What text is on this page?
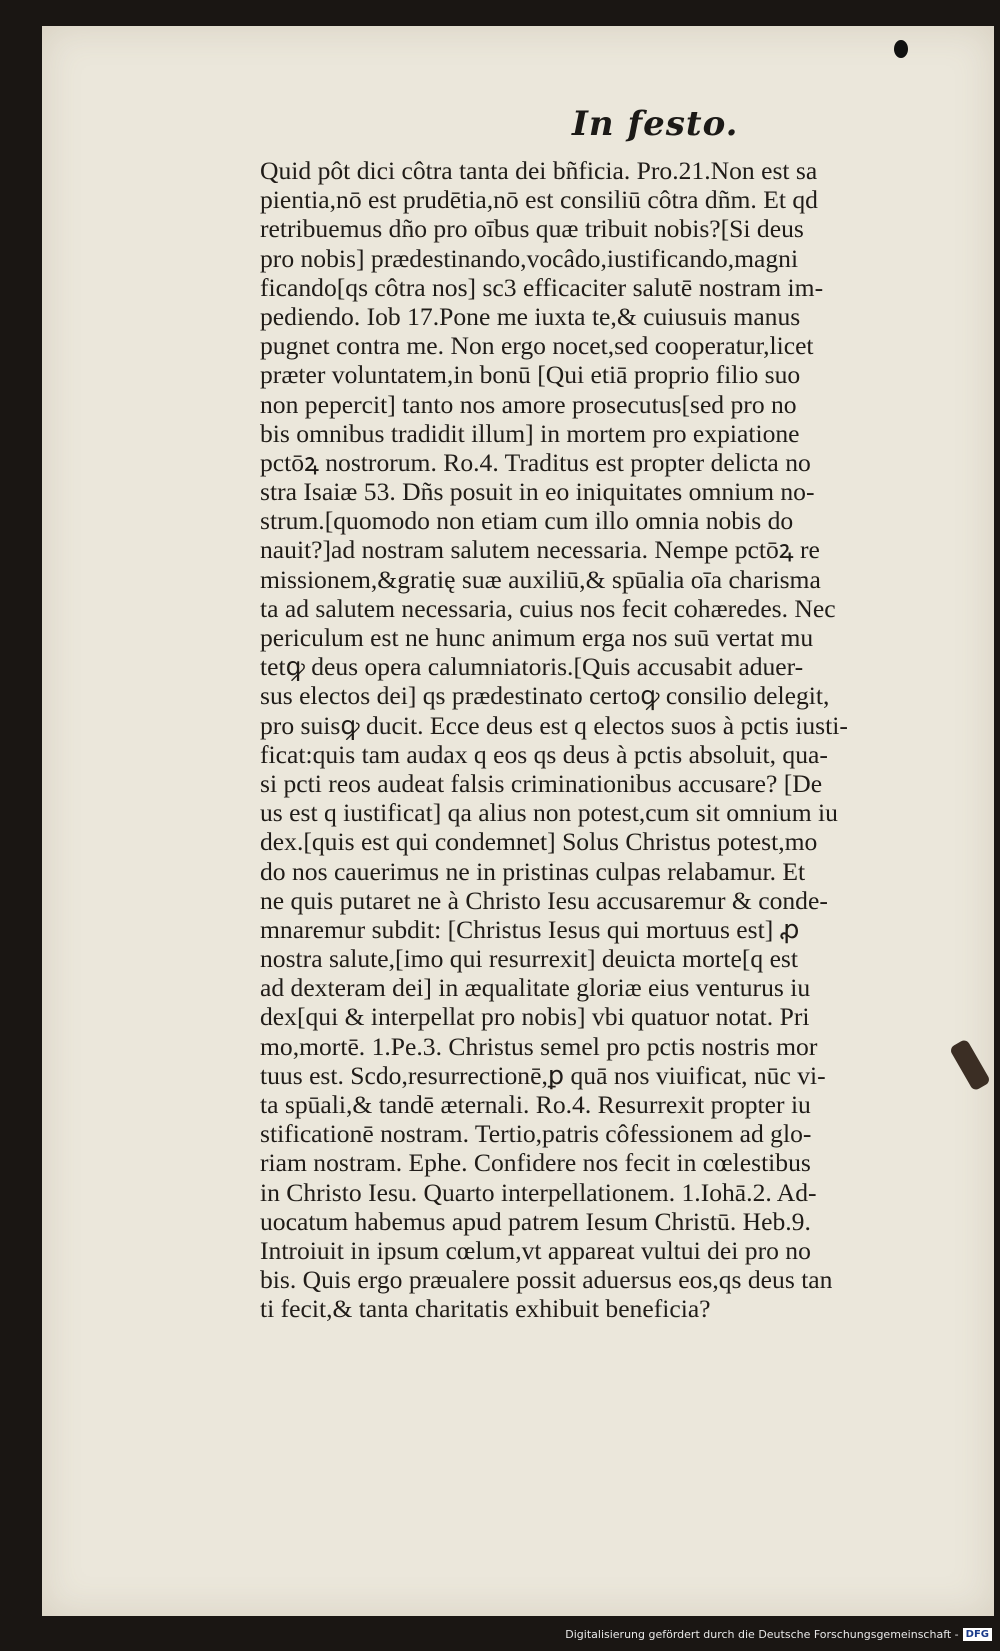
In festo.
Quid pôt dici côtra tanta dei bñficia. Pro.21.Non est sa
pientia,nō est prudētia,nō est consiliū côtra dñm. Et qd
retribuemus dño pro oībus quæ tribuit nobis?[Si deus
pro nobis] prædestinando,vocâdo,iustificando,magni
ficando[qs côtra nos] sc3 efficaciter salutē nostram im-
pediendo. Iob 17.Pone me iuxta te,& cuiusuis manus
pugnet contra me. Non ergo nocet,sed cooperatur,licet
præter voluntatem,in bonū [Qui etiā proprio filio suo
non pepercit] tanto nos amore prosecutus[sed pro no
bis omnibus tradidit illum] in mortem pro expiatione
pctōꝝ nostrorum. Ro.4. Traditus est propter delicta no
stra Isaiæ 53. Dñs posuit in eo iniquitates omnium no-
strum.[quomodo non etiam cum illo omnia nobis do
nauit?]ad nostram salutem necessaria. Nempe pctōꝝ re
missionem,&gratię suæ auxiliū,& spūalia oīa charisma
ta ad salutem necessaria, cuius nos fecit cohæredes. Nec
periculum est ne hunc animum erga nos suū vertat mu
tetꝙ deus opera calumniatoris.[Quis accusabit aduer-
sus electos dei] qs prædestinato certoꝙ consilio delegit,
pro suisꝙ ducit. Ecce deus est q electos suos à pctis iusti-
ficat:quis tam audax q eos qs deus à pctis absoluit, qua-
si pcti reos audeat falsis criminationibus accusare? [De
us est q iustificat] qa alius non potest,cum sit omnium iu
dex.[quis est qui condemnet] Solus Christus potest,mo
do nos cauerimus ne in pristinas culpas relabamur. Et
ne quis putaret ne à Christo Iesu accusaremur & conde-
mnaremur subdit: [Christus Iesus qui mortuus est] ꝓ
nostra salute,[imo qui resurrexit] deuicta morte[q est
ad dexteram dei] in æqualitate gloriæ eius venturus iu
dex[qui & interpellat pro nobis] vbi quatuor notat. Pri
mo,mortē. 1.Pe.3. Christus semel pro pctis nostris mor
tuus est. Scdo,resurrectionē,ꝑ quā nos viuificat, nūc vi-
ta spūali,& tandē æternali. Ro.4. Resurrexit propter iu
stificationē nostram. Tertio,patris côfessionem ad glo-
riam nostram. Ephe. Confidere nos fecit in cœlestibus
in Christo Iesu. Quarto interpellationem. 1.Iohā.2. Ad-
uocatum habemus apud patrem Iesum Christū. Heb.9.
Introiuit in ipsum cœlum,vt appareat vultui dei pro no
bis. Quis ergo præualere possit aduersus eos,qs deus tan
ti fecit,& tanta charitatis exhibuit beneficia?
Digitalisierung gefördert durch die Deutsche Forschungsgemeinschaft - DFG
